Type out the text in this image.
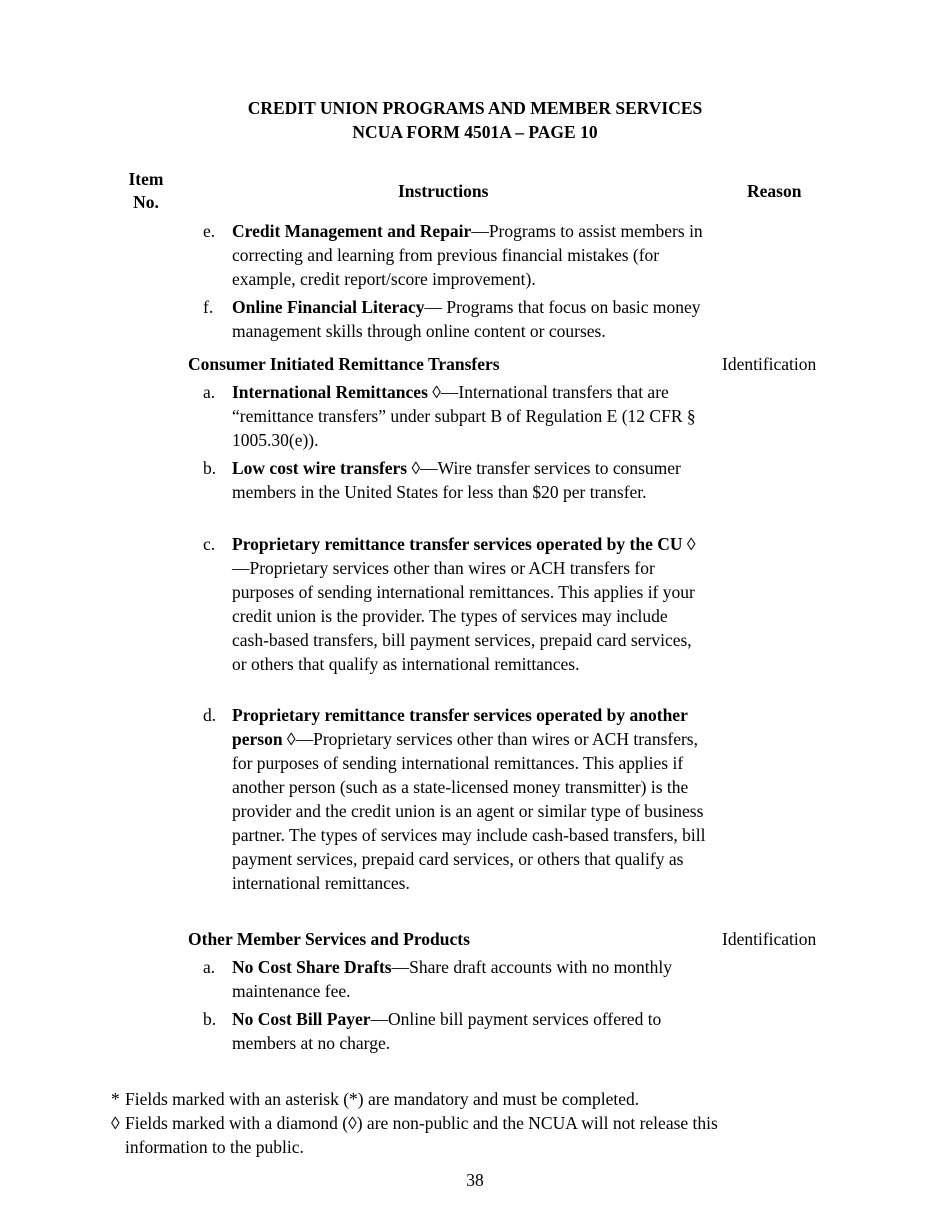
CREDIT UNION PROGRAMS AND MEMBER SERVICES
NCUA FORM 4501A – PAGE 10
Item
No.
Instructions	Reason
e. Credit Management and Repair—Programs to assist members in correcting and learning from previous financial mistakes (for example, credit report/score improvement).
f. Online Financial Literacy— Programs that focus on basic money management skills through online content or courses.
Consumer Initiated Remittance Transfers	Identification
a. International Remittances ◊—International transfers that are “remittance transfers” under subpart B of Regulation E (12 CFR § 1005.30(e)).
b. Low cost wire transfers ◊—Wire transfer services to consumer members in the United States for less than $20 per transfer.
c. Proprietary remittance transfer services operated by the CU ◊—Proprietary services other than wires or ACH transfers for purposes of sending international remittances. This applies if your credit union is the provider. The types of services may include cash-based transfers, bill payment services, prepaid card services, or others that qualify as international remittances.
d. Proprietary remittance transfer services operated by another person ◊—Proprietary services other than wires or ACH transfers, for purposes of sending international remittances. This applies if another person (such as a state-licensed money transmitter) is the provider and the credit union is an agent or similar type of business partner. The types of services may include cash-based transfers, bill payment services, prepaid card services, or others that qualify as international remittances.
Other Member Services and Products	Identification
a. No Cost Share Drafts—Share draft accounts with no monthly maintenance fee.
b. No Cost Bill Payer—Online bill payment services offered to members at no charge.
* Fields marked with an asterisk (*) are mandatory and must be completed.
◊ Fields marked with a diamond (◊) are non-public and the NCUA will not release this information to the public.
38
